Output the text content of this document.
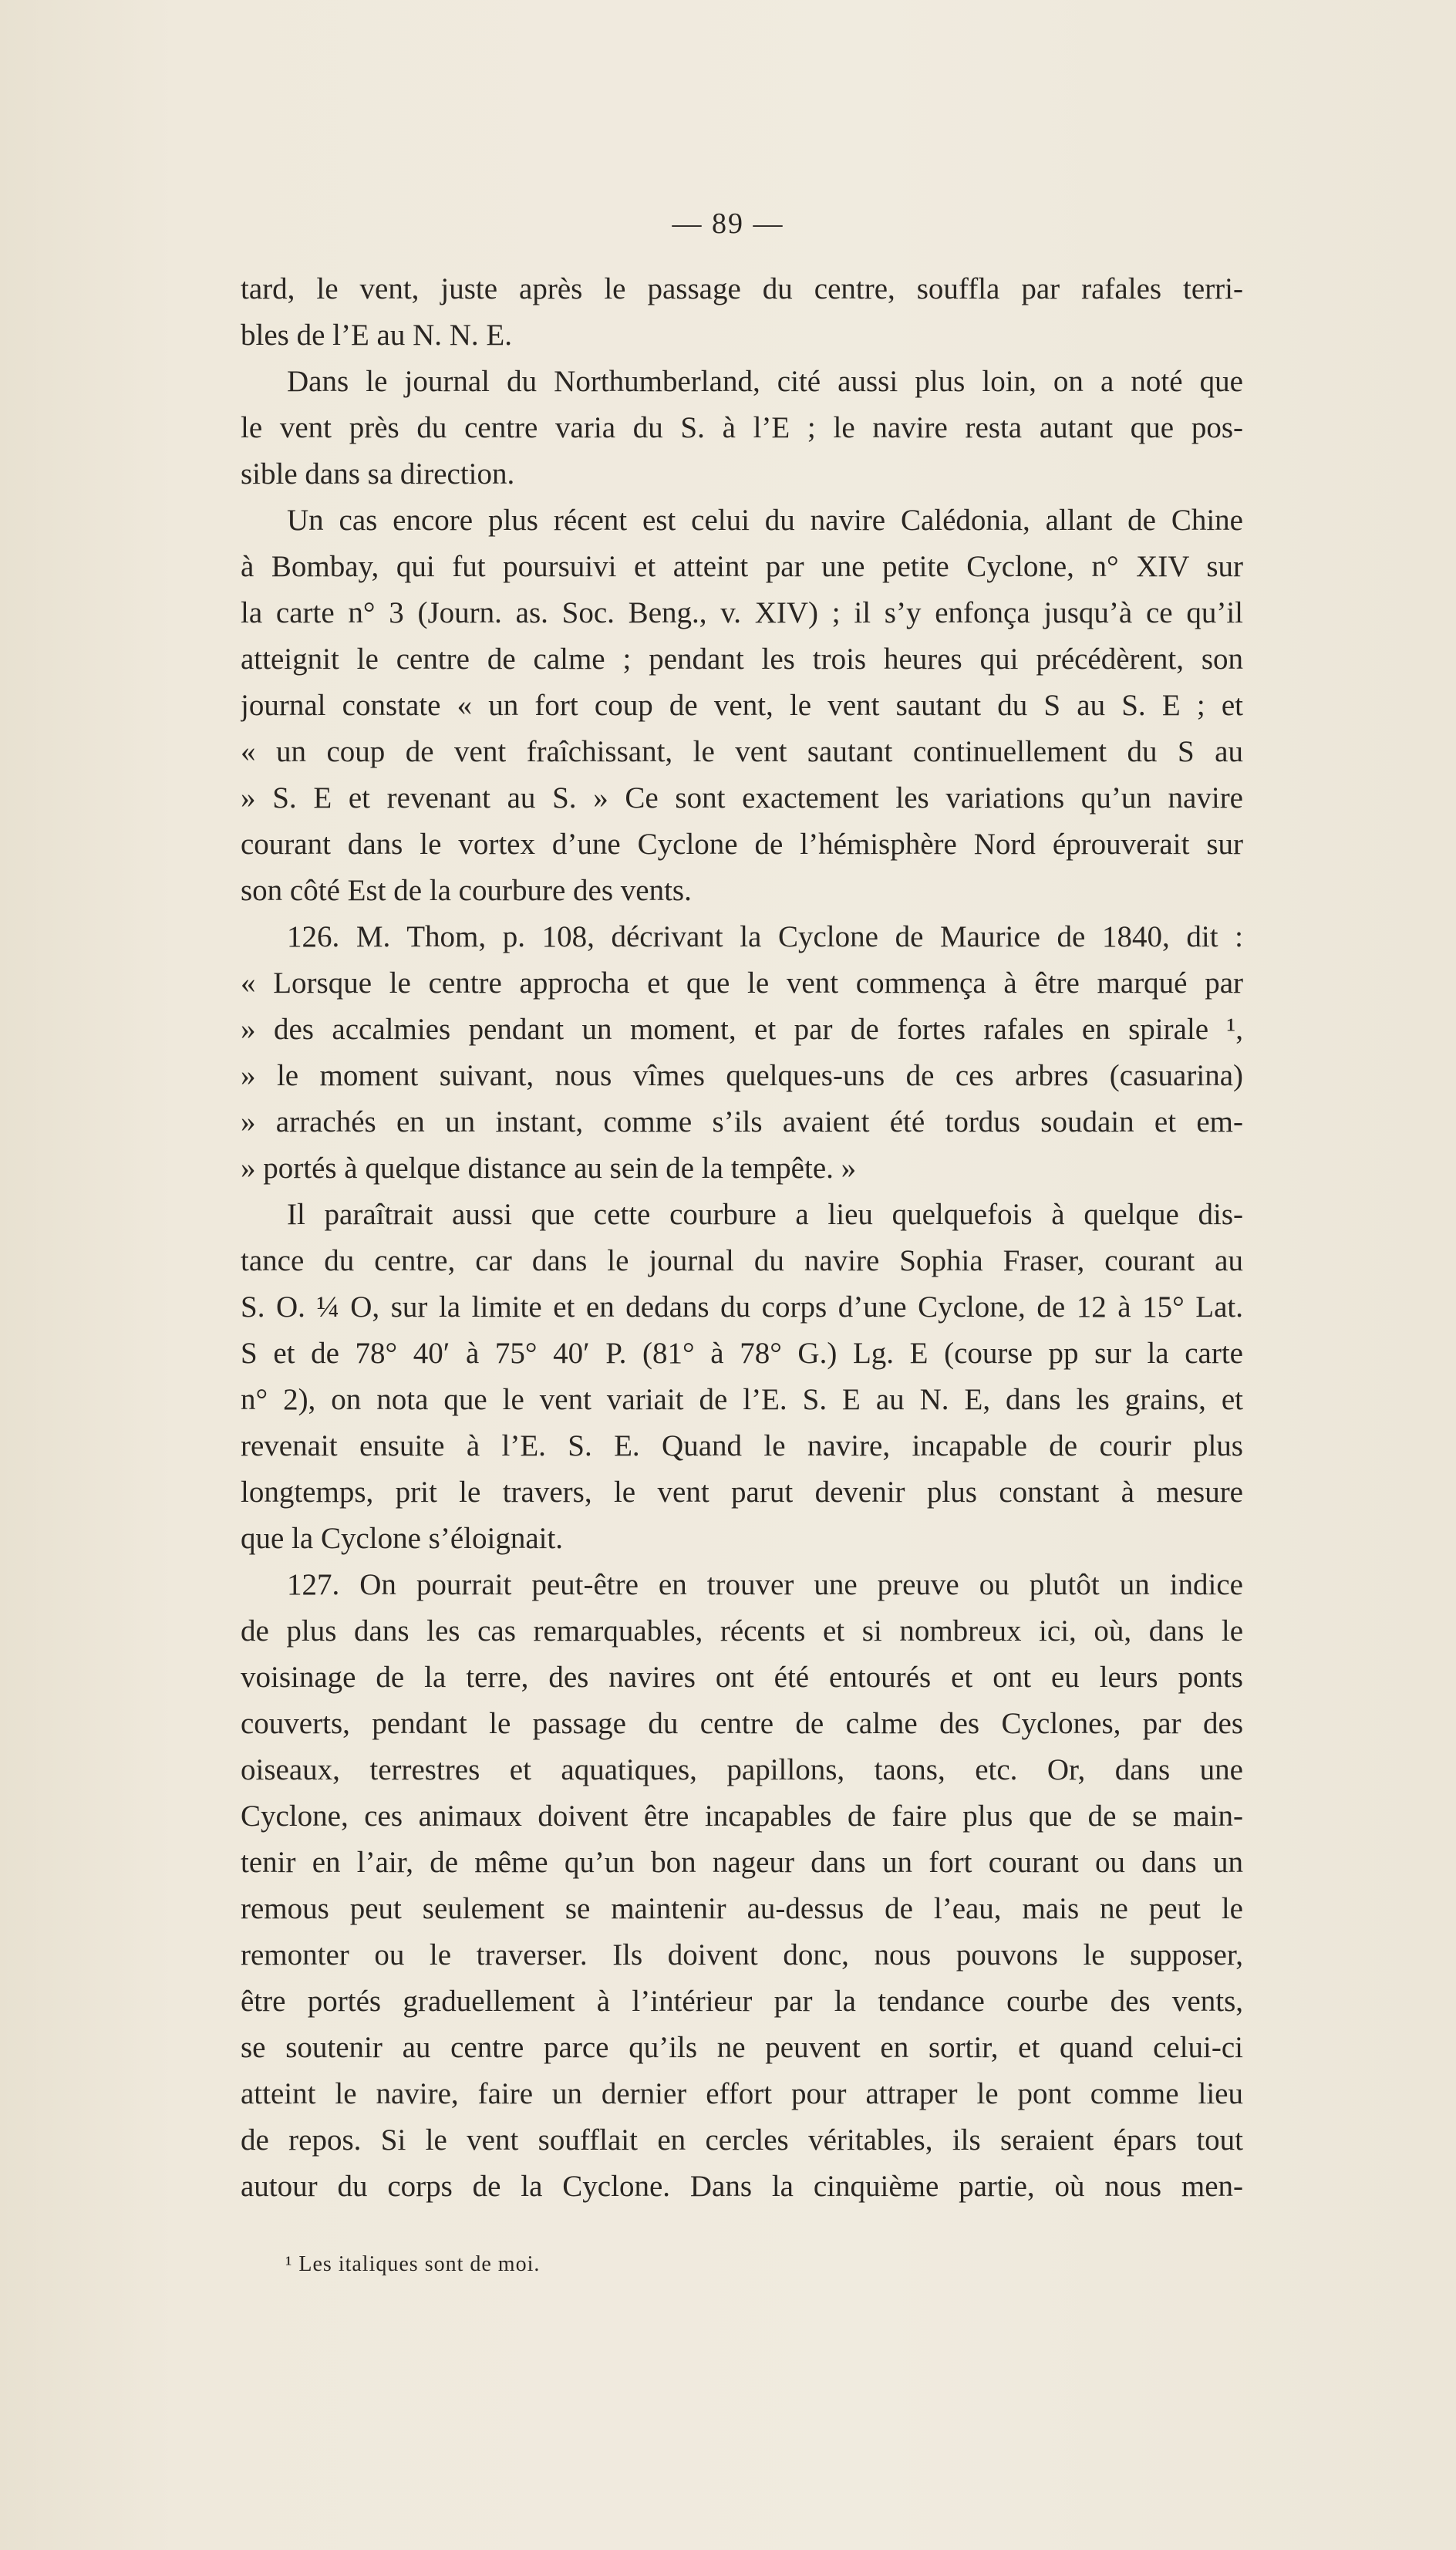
— 89 —
tard, le vent, juste après le passage du centre, souffla par rafales terri-
bles de l’E au N. N. E.
Dans le journal du Northumberland, cité aussi plus loin, on a noté que
le vent près du centre varia du S. à l’E ; le navire resta autant que pos-
sible dans sa direction.
Un cas encore plus récent est celui du navire Calédonia, allant de Chine
à Bombay, qui fut poursuivi et atteint par une petite Cyclone, n° XIV sur
la carte n° 3 (Journ. as. Soc. Beng., v. XIV) ; il s’y enfonça jusqu’à ce qu’il
atteignit le centre de calme ; pendant les trois heures qui précédèrent, son
journal constate « un fort coup de vent, le vent sautant du S au S. E ; et
« un coup de vent fraîchissant, le vent sautant continuellement du S au
» S. E et revenant au S. » Ce sont exactement les variations qu’un navire
courant dans le vortex d’une Cyclone de l’hémisphère Nord éprouverait sur
son côté Est de la courbure des vents.
126. M. Thom, p. 108, décrivant la Cyclone de Maurice de 1840, dit :
« Lorsque le centre approcha et que le vent commença à être marqué par
» des accalmies pendant un moment, et par de fortes rafales en spirale ¹,
» le moment suivant, nous vîmes quelques-uns de ces arbres (casuarina)
» arrachés en un instant, comme s’ils avaient été tordus soudain et em-
» portés à quelque distance au sein de la tempête. »
Il paraîtrait aussi que cette courbure a lieu quelquefois à quelque dis-
tance du centre, car dans le journal du navire Sophia Fraser, courant au
S. O. ¼ O, sur la limite et en dedans du corps d’une Cyclone, de 12 à 15° Lat.
S et de 78° 40′ à 75° 40′ P. (81° à 78° G.) Lg. E (course pp sur la carte
n° 2), on nota que le vent variait de l’E. S. E au N. E, dans les grains, et
revenait ensuite à l’E. S. E. Quand le navire, incapable de courir plus
longtemps, prit le travers, le vent parut devenir plus constant à mesure
que la Cyclone s’éloignait.
127. On pourrait peut-être en trouver une preuve ou plutôt un indice
de plus dans les cas remarquables, récents et si nombreux ici, où, dans le
voisinage de la terre, des navires ont été entourés et ont eu leurs ponts
couverts, pendant le passage du centre de calme des Cyclones, par des
oiseaux, terrestres et aquatiques, papillons, taons, etc. Or, dans une
Cyclone, ces animaux doivent être incapables de faire plus que de se main-
tenir en l’air, de même qu’un bon nageur dans un fort courant ou dans un
remous peut seulement se maintenir au-dessus de l’eau, mais ne peut le
remonter ou le traverser. Ils doivent donc, nous pouvons le supposer,
être portés graduellement à l’intérieur par la tendance courbe des vents,
se soutenir au centre parce qu’ils ne peuvent en sortir, et quand celui-ci
atteint le navire, faire un dernier effort pour attraper le pont comme lieu
de repos. Si le vent soufflait en cercles véritables, ils seraient épars tout
autour du corps de la Cyclone. Dans la cinquième partie, où nous men-
¹ Les italiques sont de moi.
